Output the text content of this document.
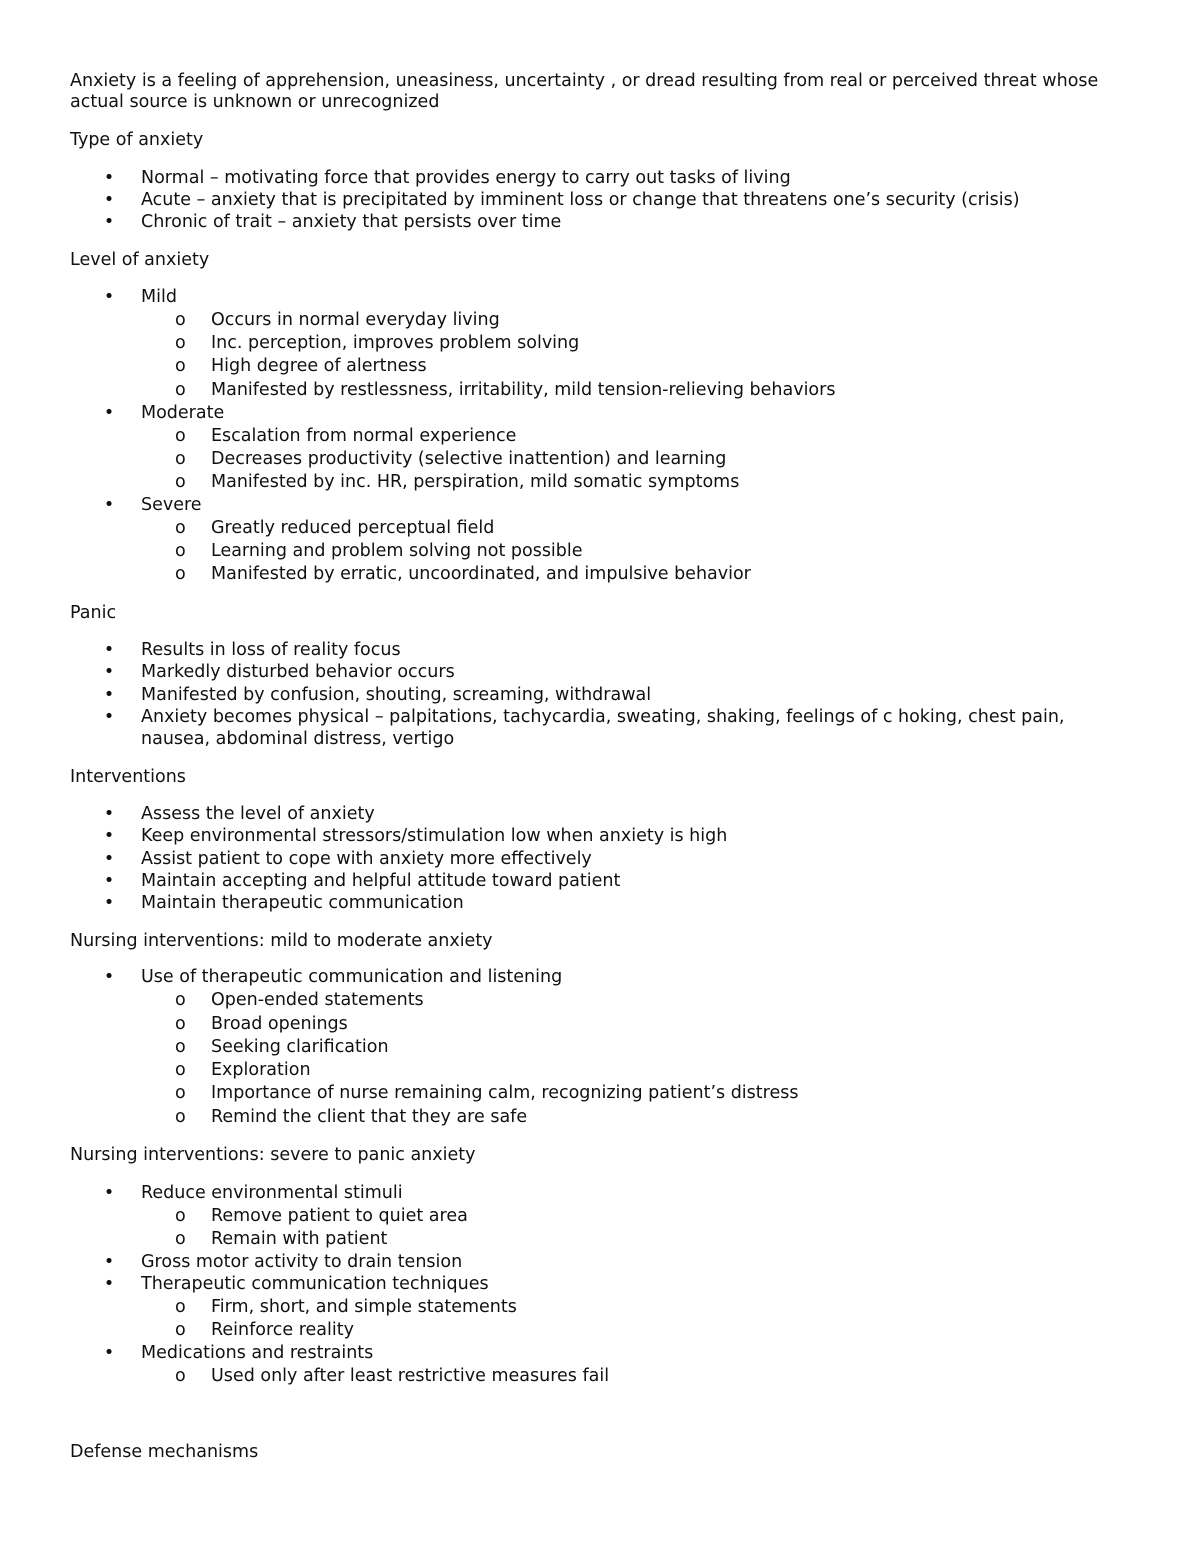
Anxiety is a feeling of apprehension, uneasiness, uncertainty , or dread resulting from real or perceived threat whose
actual source is unknown or unrecognized
Type of anxiety
• Normal – motivating force that provides energy to carry out tasks of living
• Acute – anxiety that is precipitated by imminent loss or change that threatens one’s security (crisis)
• Chronic of trait – anxiety that persists over time
Level of anxiety
• Mild
o Occurs in normal everyday living
o Inc. perception, improves problem solving
o High degree of alertness
o Manifested by restlessness, irritability, mild tension-relieving behaviors
• Moderate
o Escalation from normal experience
o Decreases productivity (selective inattention) and learning
o Manifested by inc. HR, perspiration, mild somatic symptoms
• Severe
o Greatly reduced perceptual field
o Learning and problem solving not possible
o Manifested by erratic, uncoordinated, and impulsive behavior
Panic
• Results in loss of reality focus
• Markedly disturbed behavior occurs
• Manifested by confusion, shouting, screaming, withdrawal
• Anxiety becomes physical – palpitations, tachycardia, sweating, shaking, feelings of c hoking, chest pain,
nausea, abdominal distress, vertigo
Interventions
• Assess the level of anxiety
• Keep environmental stressors/stimulation low when anxiety is high
• Assist patient to cope with anxiety more effectively
• Maintain accepting and helpful attitude toward patient
• Maintain therapeutic communication
Nursing interventions: mild to moderate anxiety
• Use of therapeutic communication and listening
o Open-ended statements
o Broad openings
o Seeking clarification
o Exploration
o Importance of nurse remaining calm, recognizing patient’s distress
o Remind the client that they are safe
Nursing interventions: severe to panic anxiety
• Reduce environmental stimuli
o Remove patient to quiet area
o Remain with patient
• Gross motor activity to drain tension
• Therapeutic communication techniques
o Firm, short, and simple statements
o Reinforce reality
• Medications and restraints
o Used only after least restrictive measures fail
Defense mechanisms
